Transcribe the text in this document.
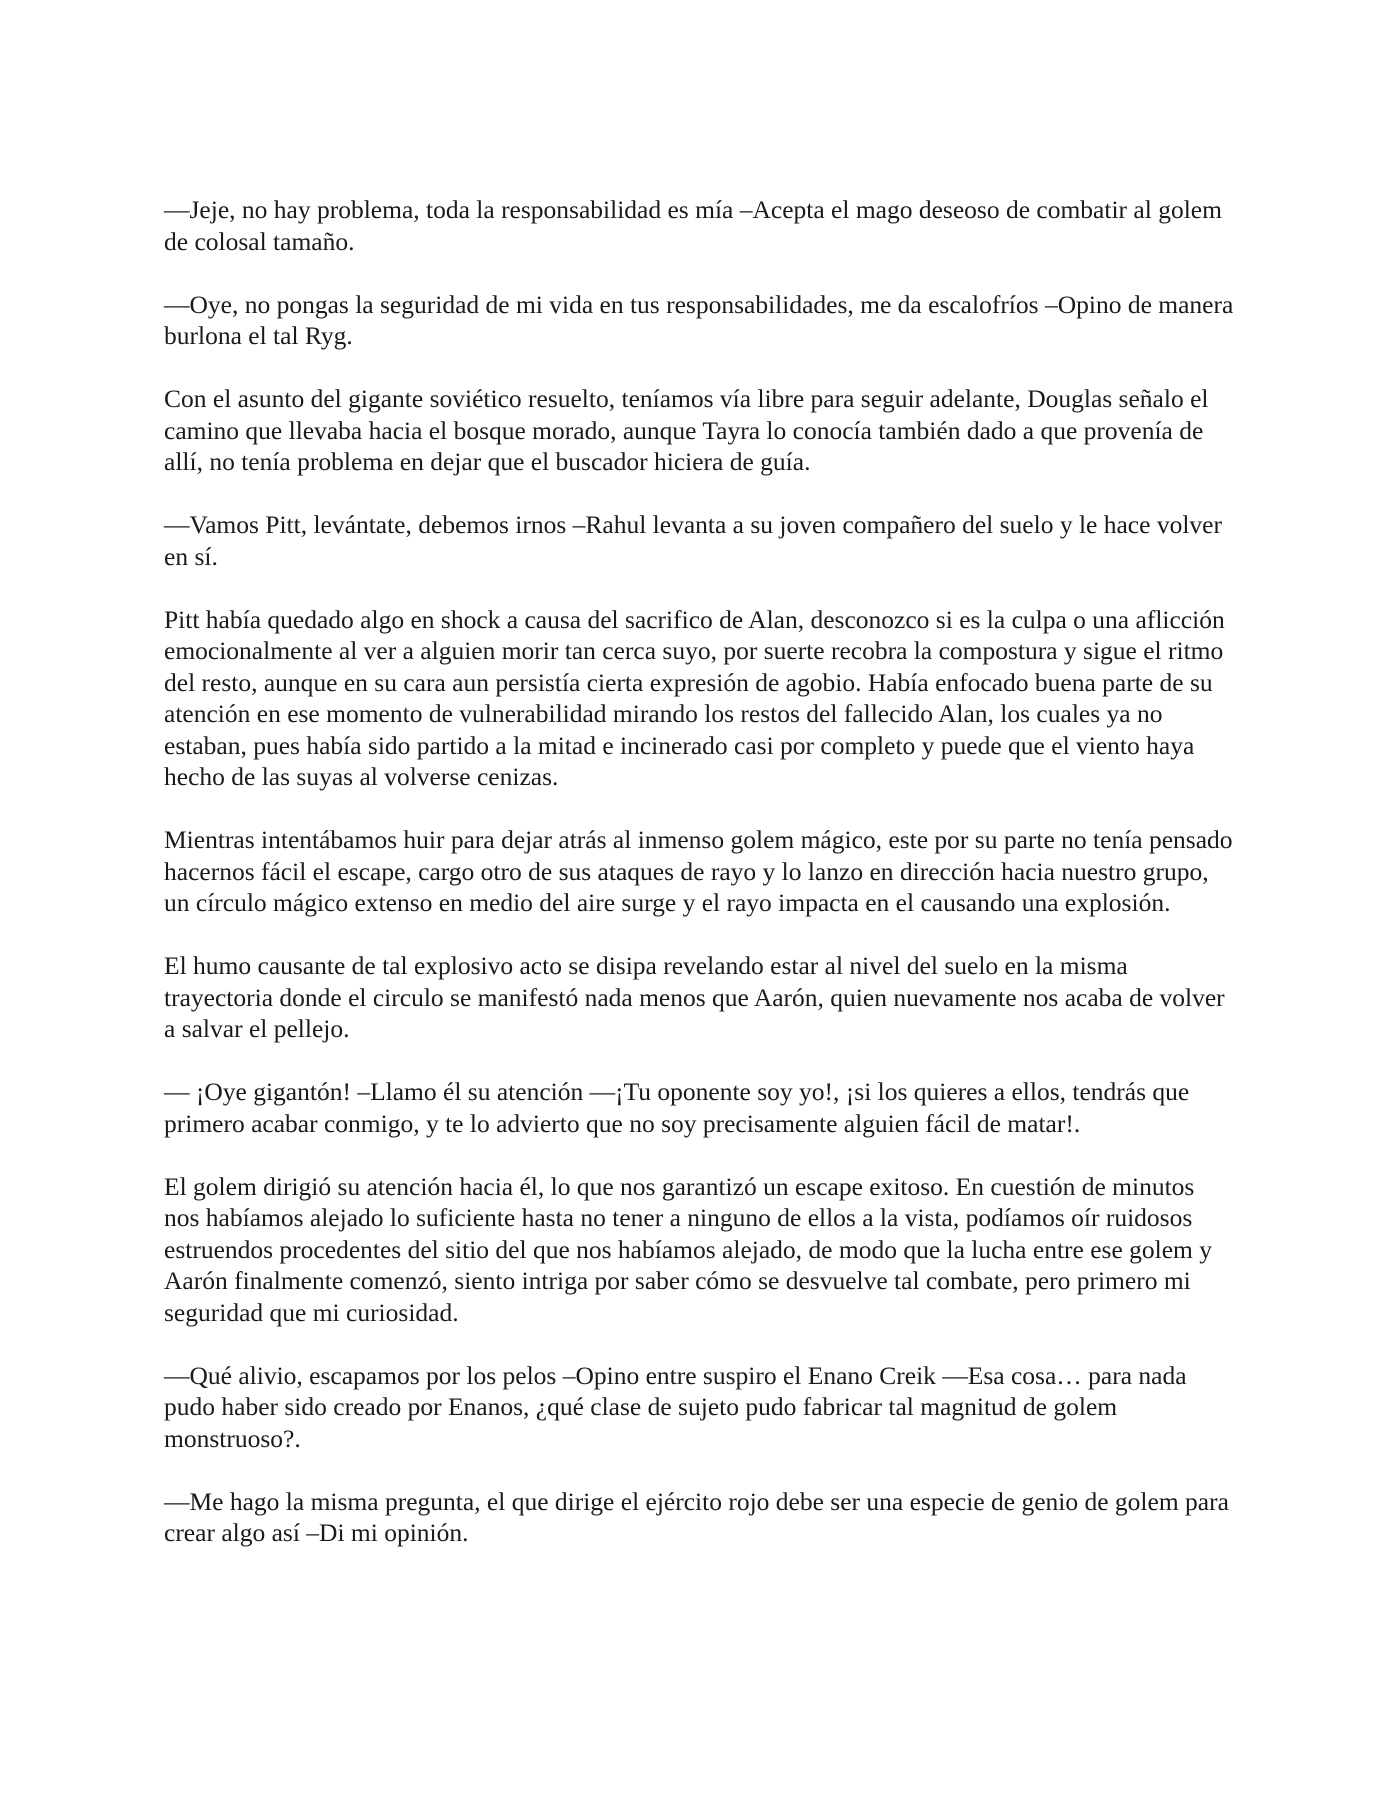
—Jeje, no hay problema, toda la responsabilidad es mía –Acepta el mago deseoso de combatir al golem de colosal tamaño.

—Oye, no pongas la seguridad de mi vida en tus responsabilidades, me da escalofríos –Opino de manera burlona el tal Ryg.

Con el asunto del gigante soviético resuelto, teníamos vía libre para seguir adelante, Douglas señalo el camino que llevaba hacia el bosque morado, aunque Tayra lo conocía también dado a que provenía de allí, no tenía problema en dejar que el buscador hiciera de guía.

—Vamos Pitt, levántate, debemos irnos –Rahul levanta a su joven compañero del suelo y le hace volver en sí.

Pitt había quedado algo en shock a causa del sacrifico de Alan, desconozco si es la culpa o una aflicción emocionalmente al ver a alguien morir tan cerca suyo, por suerte recobra la compostura y sigue el ritmo del resto, aunque en su cara aun persistía cierta expresión de agobio. Había enfocado buena parte de su atención en ese momento de vulnerabilidad mirando los restos del fallecido Alan, los cuales ya no estaban, pues había sido partido a la mitad e incinerado casi por completo y puede que el viento haya hecho de las suyas al volverse cenizas.

Mientras intentábamos huir para dejar atrás al inmenso golem mágico, este por su parte no tenía pensado hacernos fácil el escape, cargo otro de sus ataques de rayo y lo lanzo en dirección hacia nuestro grupo, un círculo mágico extenso en medio del aire surge y el rayo impacta en el causando una explosión.

El humo causante de tal explosivo acto se disipa revelando estar al nivel del suelo en la misma trayectoria donde el circulo se manifestó nada menos que Aarón, quien nuevamente nos acaba de volver a salvar el pellejo.

— ¡Oye gigantón! –Llamo él su atención —¡Tu oponente soy yo!, ¡si los quieres a ellos, tendrás que primero acabar conmigo, y te lo advierto que no soy precisamente alguien fácil de matar!.

El golem dirigió su atención hacia él, lo que nos garantizó un escape exitoso. En cuestión de minutos nos habíamos alejado lo suficiente hasta no tener a ninguno de ellos a la vista, podíamos oír ruidosos estruendos procedentes del sitio del que nos habíamos alejado, de modo que la lucha entre ese golem y Aarón finalmente comenzó, siento intriga por saber cómo se desvuelve tal combate, pero primero mi seguridad que mi curiosidad.

—Qué alivio, escapamos por los pelos –Opino entre suspiro el Enano Creik —Esa cosa… para nada pudo haber sido creado por Enanos, ¿qué clase de sujeto pudo fabricar tal magnitud de golem monstruoso?.

—Me hago la misma pregunta, el que dirige el ejército rojo debe ser una especie de genio de golem para crear algo así –Di mi opinión.
